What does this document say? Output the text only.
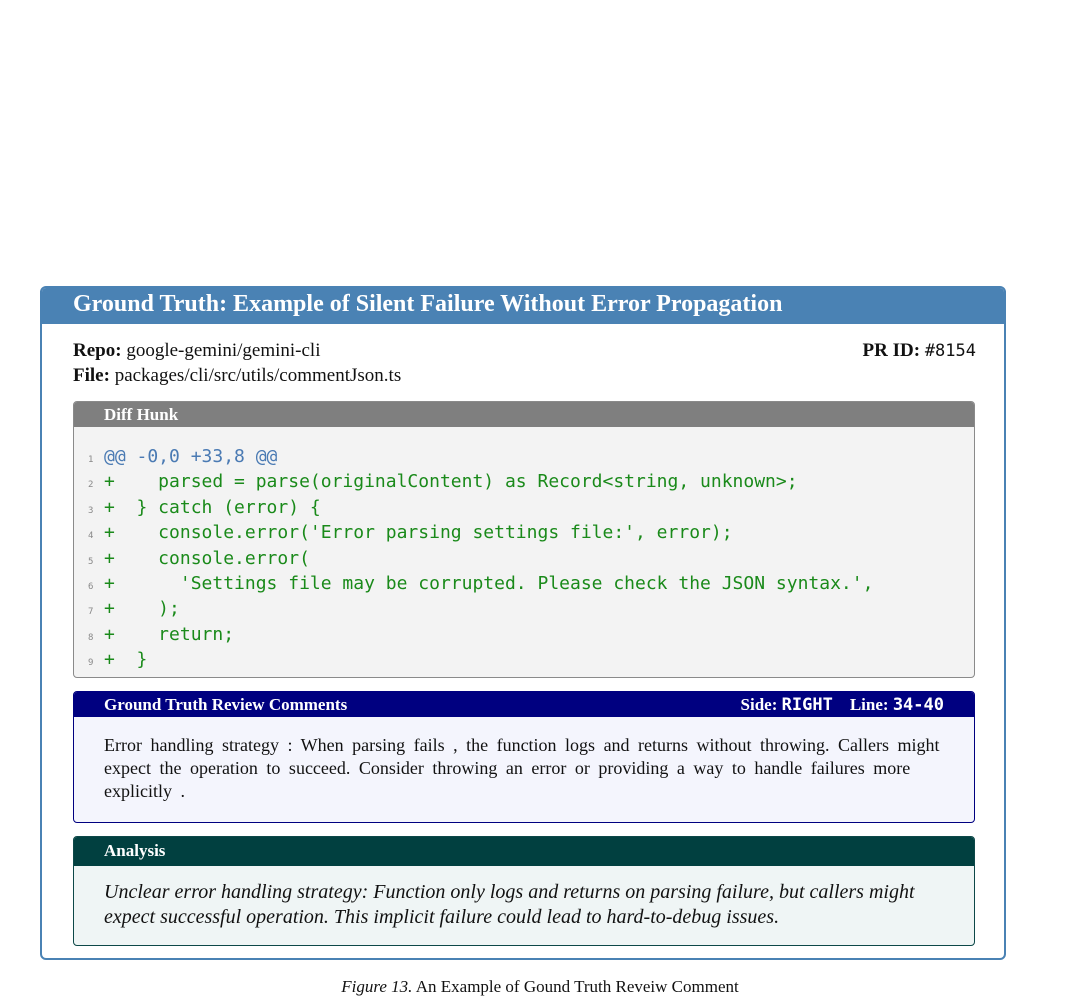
Ground Truth: Example of Silent Failure Without Error Propagation
Repo: google-gemini/gemini-cli
File: packages/cli/src/utils/commentJson.ts
PR ID: #8154
Diff Hunk
1 @@ -0,0 +33,8 @@
2 +    parsed = parse(originalContent) as Record<string, unknown>;
3 +  } catch (error) {
4 +    console.error('Error parsing settings file:', error);
5 +    console.error(
6 +      'Settings file may be corrupted. Please check the JSON syntax.',
7 +    );
8 +    return;
9 +  }
Ground Truth Review Comments	Side: RIGHT Line: 34-40
Error handling strategy : When parsing fails , the function logs and returns without throwing. Callers might expect the operation to succeed. Consider throwing an error or providing a way to handle failures more explicitly .
Analysis
Unclear error handling strategy: Function only logs and returns on parsing failure, but callers might expect successful operation. This implicit failure could lead to hard-to-debug issues.
Figure 13. An Example of Gound Truth Reveiw Comment
